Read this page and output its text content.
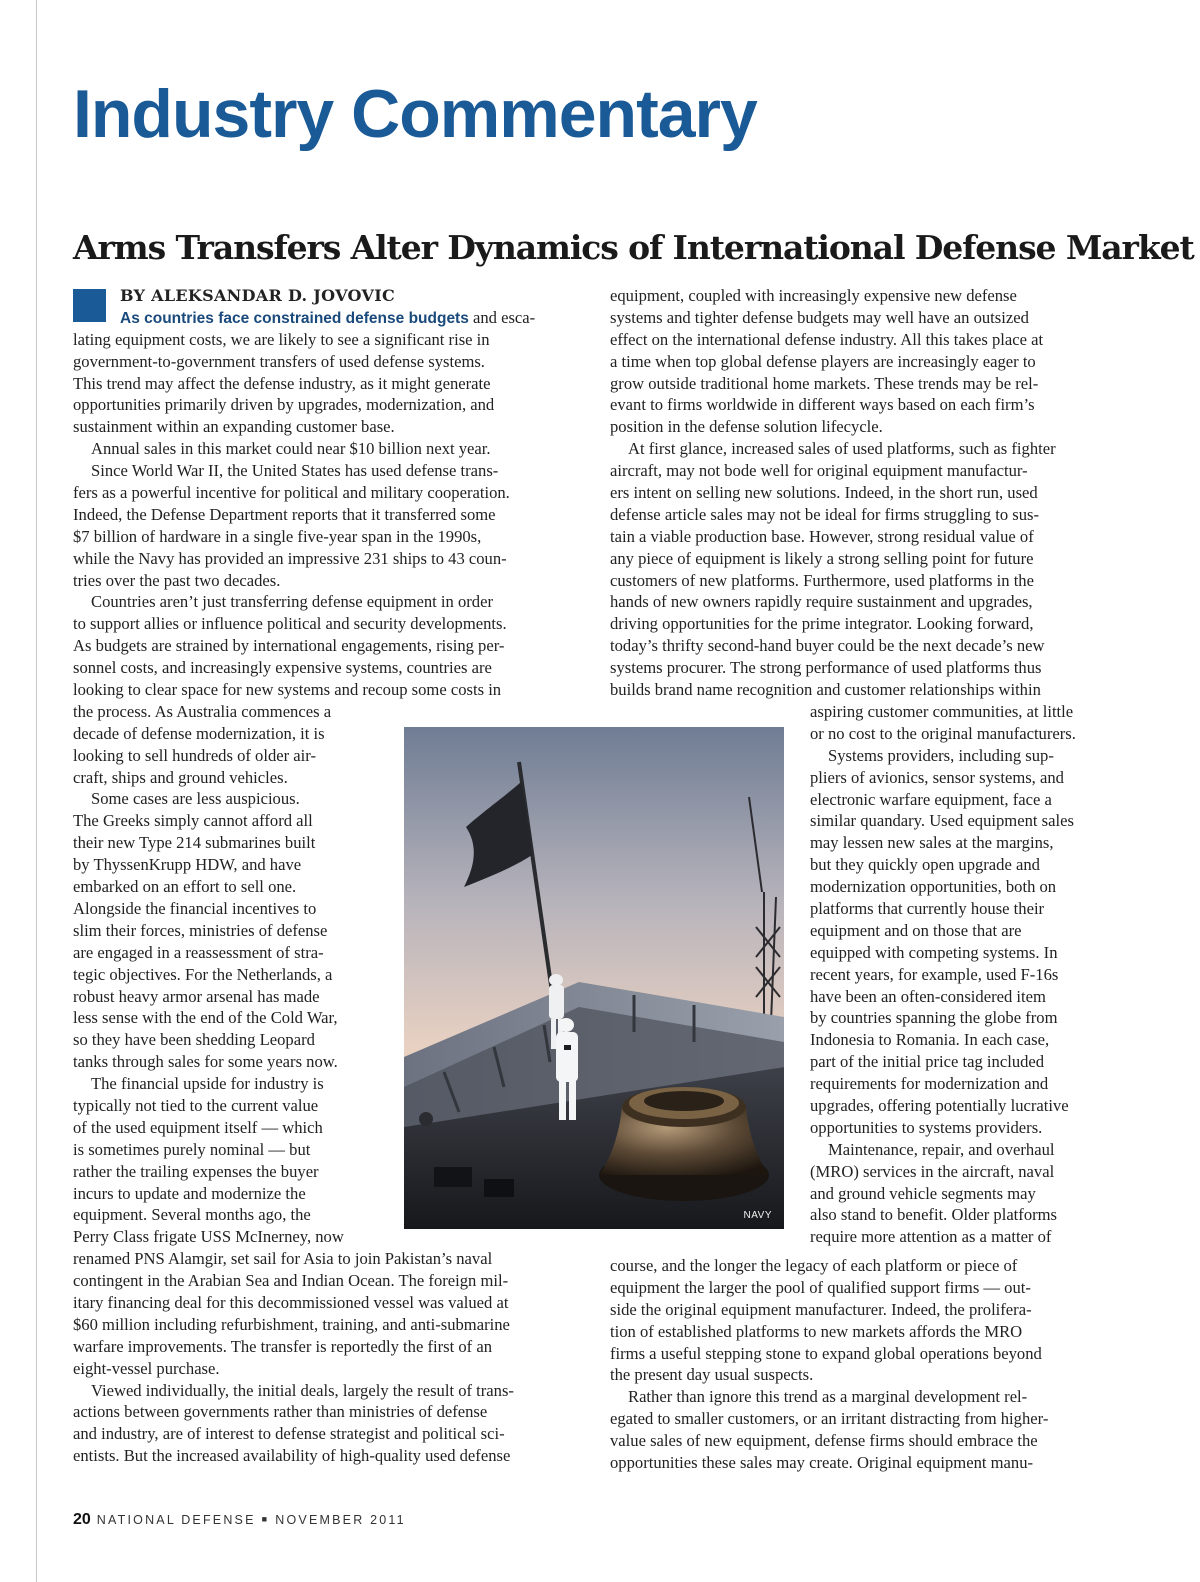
Industry Commentary
Arms Transfers Alter Dynamics of International Defense Market
BY ALEKSANDAR D. JOVOVIC
As countries face constrained defense budgets and esca-
lating equipment costs, we are likely to see a significant rise in
government-to-government transfers of used defense systems.
This trend may affect the defense industry, as it might generate
opportunities primarily driven by upgrades, modernization, and
sustainment within an expanding customer base.
Annual sales in this market could near $10 billion next year.
Since World War II, the United States has used defense trans-
fers as a powerful incentive for political and military cooperation.
Indeed, the Defense Department reports that it transferred some
$7 billion of hardware in a single five-year span in the 1990s,
while the Navy has provided an impressive 231 ships to 43 coun-
tries over the past two decades.
Countries aren’t just transferring defense equipment in order
to support allies or influence political and security developments.
As budgets are strained by international engagements, rising per-
sonnel costs, and increasingly expensive systems, countries are
looking to clear space for new systems and recoup some costs in
the process. As Australia commences a
decade of defense modernization, it is
looking to sell hundreds of older air-
craft, ships and ground vehicles.
Some cases are less auspicious.
The Greeks simply cannot afford all
their new Type 214 submarines built
by ThyssenKrupp HDW, and have
embarked on an effort to sell one.
Alongside the financial incentives to
slim their forces, ministries of defense
are engaged in a reassessment of stra-
tegic objectives. For the Netherlands, a
robust heavy armor arsenal has made
less sense with the end of the Cold War,
so they have been shedding Leopard
tanks through sales for some years now.
The financial upside for industry is
typically not tied to the current value
of the used equipment itself — which
is sometimes purely nominal — but
rather the trailing expenses the buyer
incurs to update and modernize the
equipment. Several months ago, the
Perry Class frigate USS McInerney, now
renamed PNS Alamgir, set sail for Asia to join Pakistan’s naval
contingent in the Arabian Sea and Indian Ocean. The foreign mil-
itary financing deal for this decommissioned vessel was valued at
$60 million including refurbishment, training, and anti-submarine
warfare improvements. The transfer is reportedly the first of an
eight-vessel purchase.
Viewed individually, the initial deals, largely the result of trans-
actions between governments rather than ministries of defense
and industry, are of interest to defense strategist and political sci-
entists. But the increased availability of high-quality used defense
equipment, coupled with increasingly expensive new defense
systems and tighter defense budgets may well have an outsized
effect on the international defense industry. All this takes place at
a time when top global defense players are increasingly eager to
grow outside traditional home markets. These trends may be rel-
evant to firms worldwide in different ways based on each firm’s
position in the defense solution lifecycle.
At first glance, increased sales of used platforms, such as fighter
aircraft, may not bode well for original equipment manufactur-
ers intent on selling new solutions. Indeed, in the short run, used
defense article sales may not be ideal for firms struggling to sus-
tain a viable production base. However, strong residual value of
any piece of equipment is likely a strong selling point for future
customers of new platforms. Furthermore, used platforms in the
hands of new owners rapidly require sustainment and upgrades,
driving opportunities for the prime integrator. Looking forward,
today’s thrifty second-hand buyer could be the next decade’s new
systems procurer. The strong performance of used platforms thus
builds brand name recognition and customer relationships within
aspiring customer communities, at little
or no cost to the original manufacturers.
Systems providers, including sup-
pliers of avionics, sensor systems, and
electronic warfare equipment, face a
similar quandary. Used equipment sales
may lessen new sales at the margins,
but they quickly open upgrade and
modernization opportunities, both on
platforms that currently house their
equipment and on those that are
equipped with competing systems. In
recent years, for example, used F-16s
have been an often-considered item
by countries spanning the globe from
Indonesia to Romania. In each case,
part of the initial price tag included
requirements for modernization and
upgrades, offering potentially lucrative
opportunities to systems providers.
Maintenance, repair, and overhaul
(MRO) services in the aircraft, naval
and ground vehicle segments may
also stand to benefit. Older platforms
require more attention as a matter of
course, and the longer the legacy of each platform or piece of
equipment the larger the pool of qualified support firms — out-
side the original equipment manufacturer. Indeed, the prolifera-
tion of established platforms to new markets affords the MRO
firms a useful stepping stone to expand global operations beyond
the present day usual suspects.
Rather than ignore this trend as a marginal development rel-
egated to smaller customers, or an irritant distracting from higher-
value sales of new equipment, defense firms should embrace the
opportunities these sales may create. Original equipment manu-
NAVY
20 NATIONAL DEFENSE ■ NOVEMBER 2011
